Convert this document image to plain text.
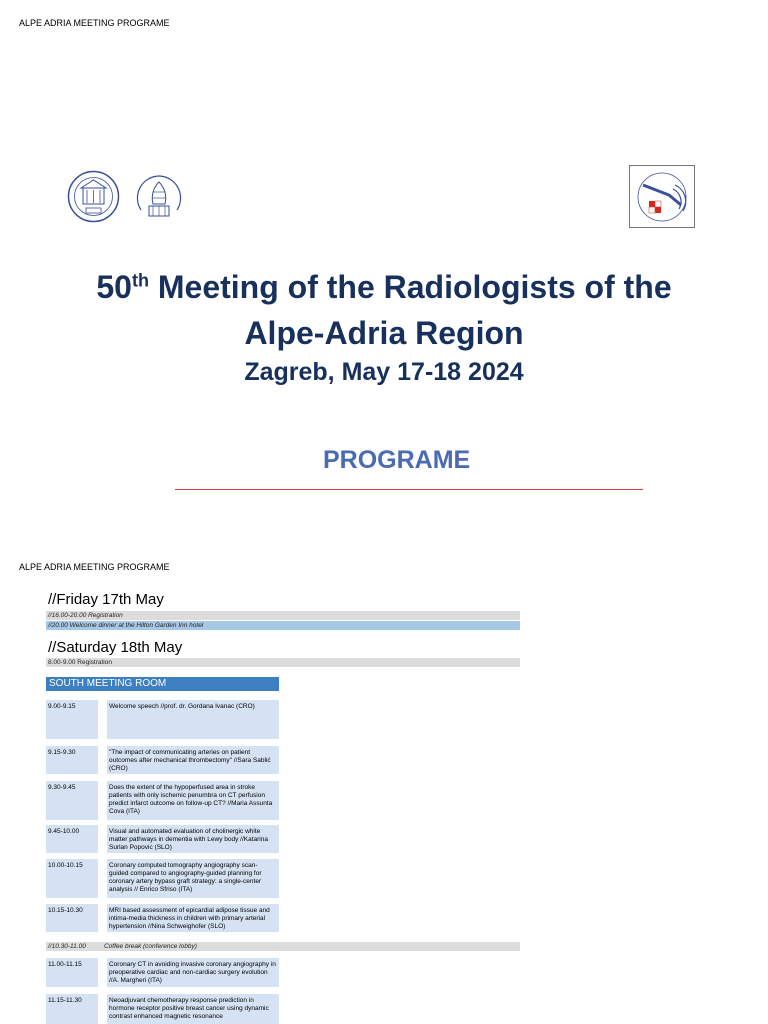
ALPE ADRIA MEETING PROGRAME
50th Meeting of the Radiologists of the
Alpe-Adria Region
Zagreb, May 17-18 2024
PROGRAME
ALPE ADRIA MEETING PROGRAME
//Friday 17th May
//16.00-20.00 Registration
//20.00 Welcome dinner at the Hilton Garden Inn hotel
//Saturday 18th May
8.00-9.00 Registration
SOUTH MEETING ROOM
9.00-9.15	Welcome speech //prof. dr. Gordana Ivanac (CRO)
9.15-9.30	"The impact of communicating arteries on patient outcomes after mechanical thrombectomy" //Sara Sablić (CRO)
9.30-9.45	Does the extent of the hypoperfused area in stroke patients with only ischemic penumbra on CT perfusion predict infarct outcome on follow-up CT? //Maria Assunta Cova (ITA)
9.45-10.00	Visual and automated evaluation of cholinergic white matter pathways in dementia with Lewy body //Katarina Surlan Popovic (SLO)
10.00-10.15	Coronary computed tomography angiography scan-guided compared to angiography-guided planning for coronary artery bypass graft strategy: a single-center analysis // Enrico Sfriso (ITA)
10.15-10.30	MRI based assessment of epicardial adipose tissue and intima-media thickness in children with primary arterial hypertension //Nina Schweighofer (SLO)
//10.30-11.00	Coffee break (conference lobby)
11.00-11.15	Coronary CT in avoiding invasive coronary angiography in preoperative cardiac and non-cardiac surgery evolution //A. Margheri (ITA)
11.15-11.30	Neoadjuvant chemotherapy response prediction in hormone receptor positive breast cancer using dynamic contrast enhanced magnetic resonance
